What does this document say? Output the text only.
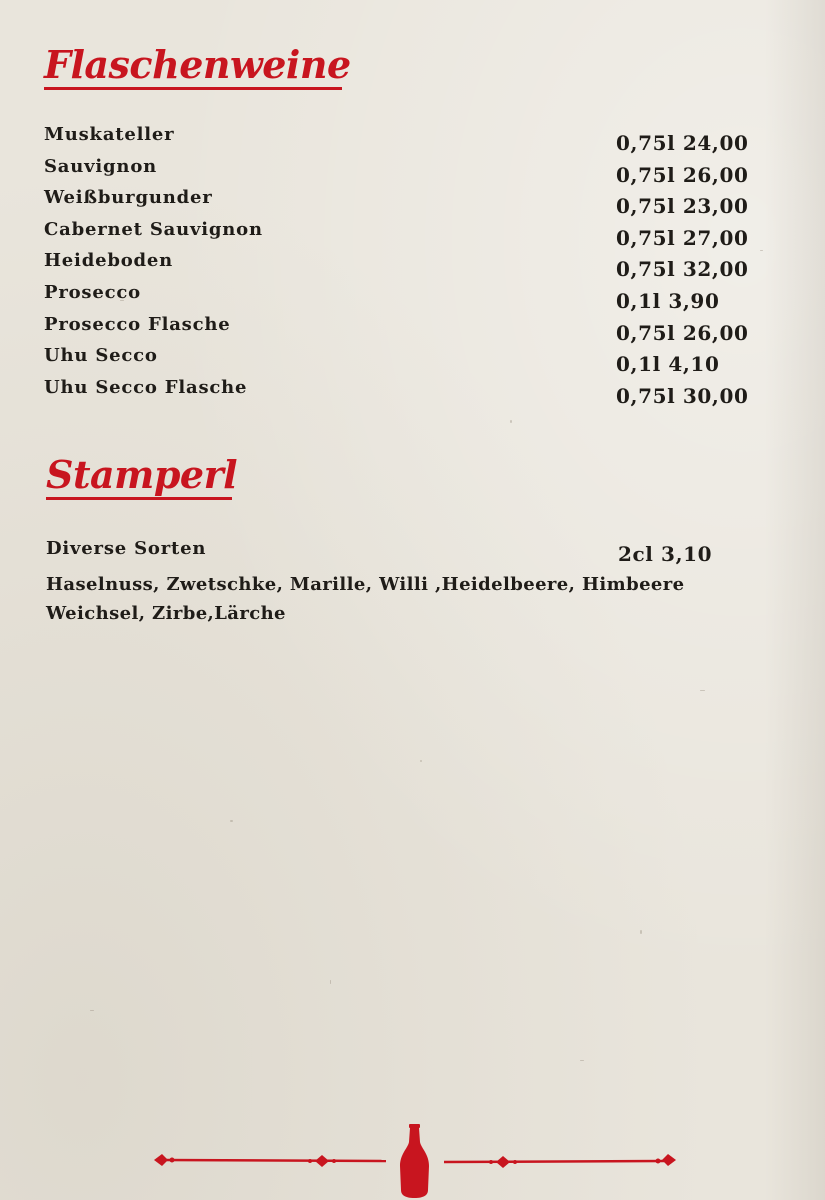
Flaschenweine
Muskateller	0,75l 24,00
Sauvignon	0,75l 26,00
Weißburgunder	0,75l 23,00
Cabernet Sauvignon	0,75l 27,00
Heideboden	0,75l 32,00
Prosecco	0,1l 3,90
Prosecco Flasche	0,75l 26,00
Uhu Secco	0,1l 4,10
Uhu Secco Flasche	0,75l 30,00
Stamperl
Diverse Sorten	2cl 3,10
Haselnuss, Zwetschke, Marille, Willi ,Heidelbeere, Himbeere
Weichsel, Zirbe,Lärche
